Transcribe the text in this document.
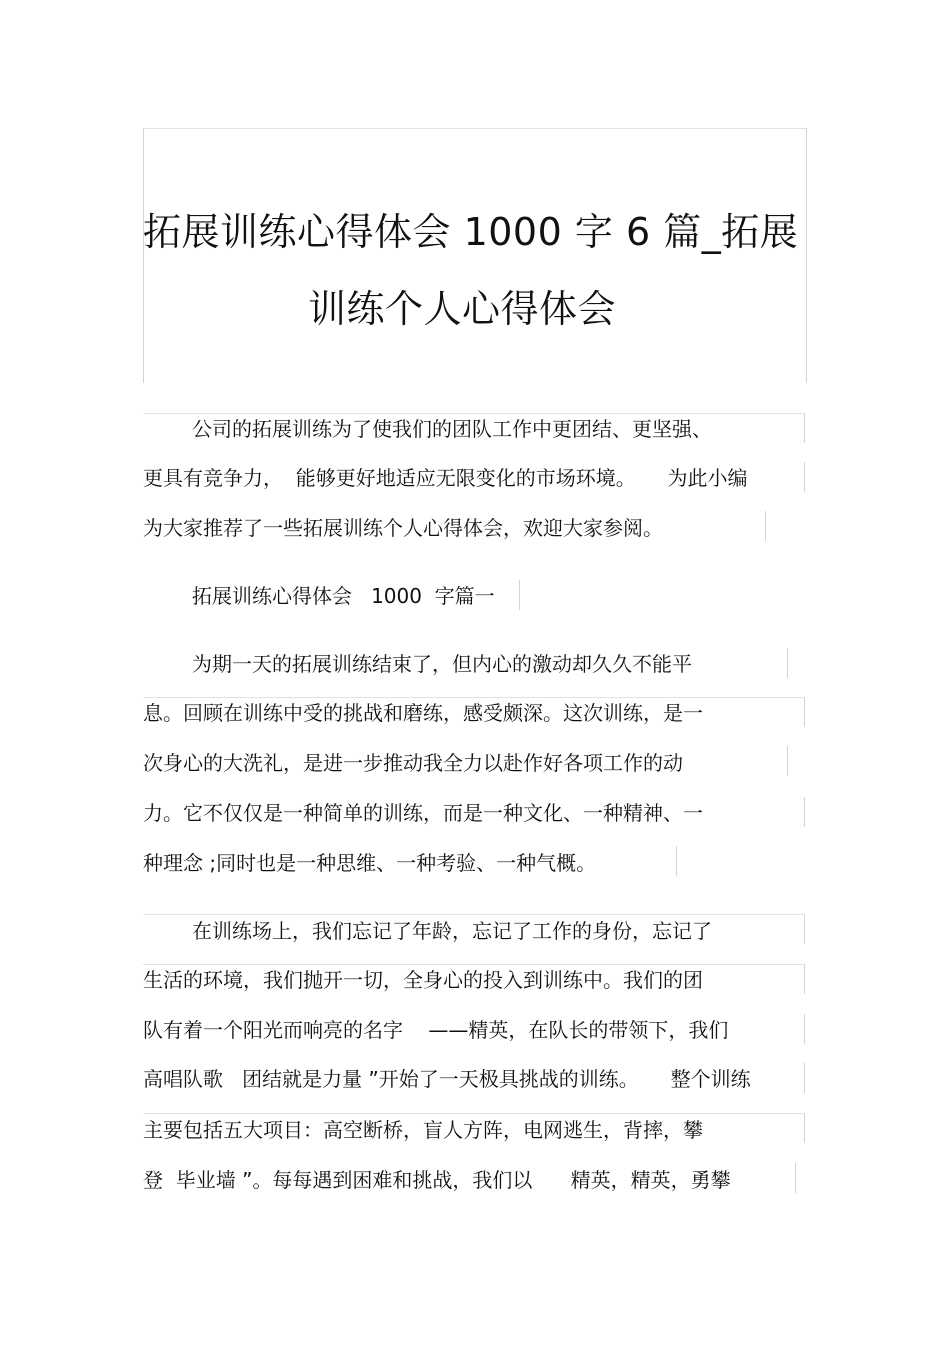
拓展训练心得体会 1000 字 6 篇_拓展
训练个人心得体会
公司的拓展训练为了使我们的团队工作中更团结、更坚强、
更具有竞争力，  能够更好地适应无限变化的市场环境。     为此小编
为大家推荐了一些拓展训练个人心得体会，欢迎大家参阅。
拓展训练心得体会   1000  字篇一
为期一天的拓展训练结束了，但内心的激动却久久不能平
息。回顾在训练中受的挑战和磨练，感受颇深。这次训练，是一
次身心的大洗礼，是进一步推动我全力以赴作好各项工作的动
力。它不仅仅是一种简单的训练，而是一种文化、一种精神、一
种理念 ;同时也是一种思维、一种考验、一种气概。
在训练场上，我们忘记了年龄，忘记了工作的身份，忘记了
生活的环境，我们抛开一切，全身心的投入到训练中。我们的团
队有着一个阳光而响亮的名字    ——精英，在队长的带领下，我们
高唱队歌   团结就是力量 ”开始了一天极具挑战的训练。     整个训练
主要包括五大项目：高空断桥，盲人方阵，电网逃生，背摔，攀
登  毕业墙 ”。每每遇到困难和挑战，我们以      精英，精英，勇攀
